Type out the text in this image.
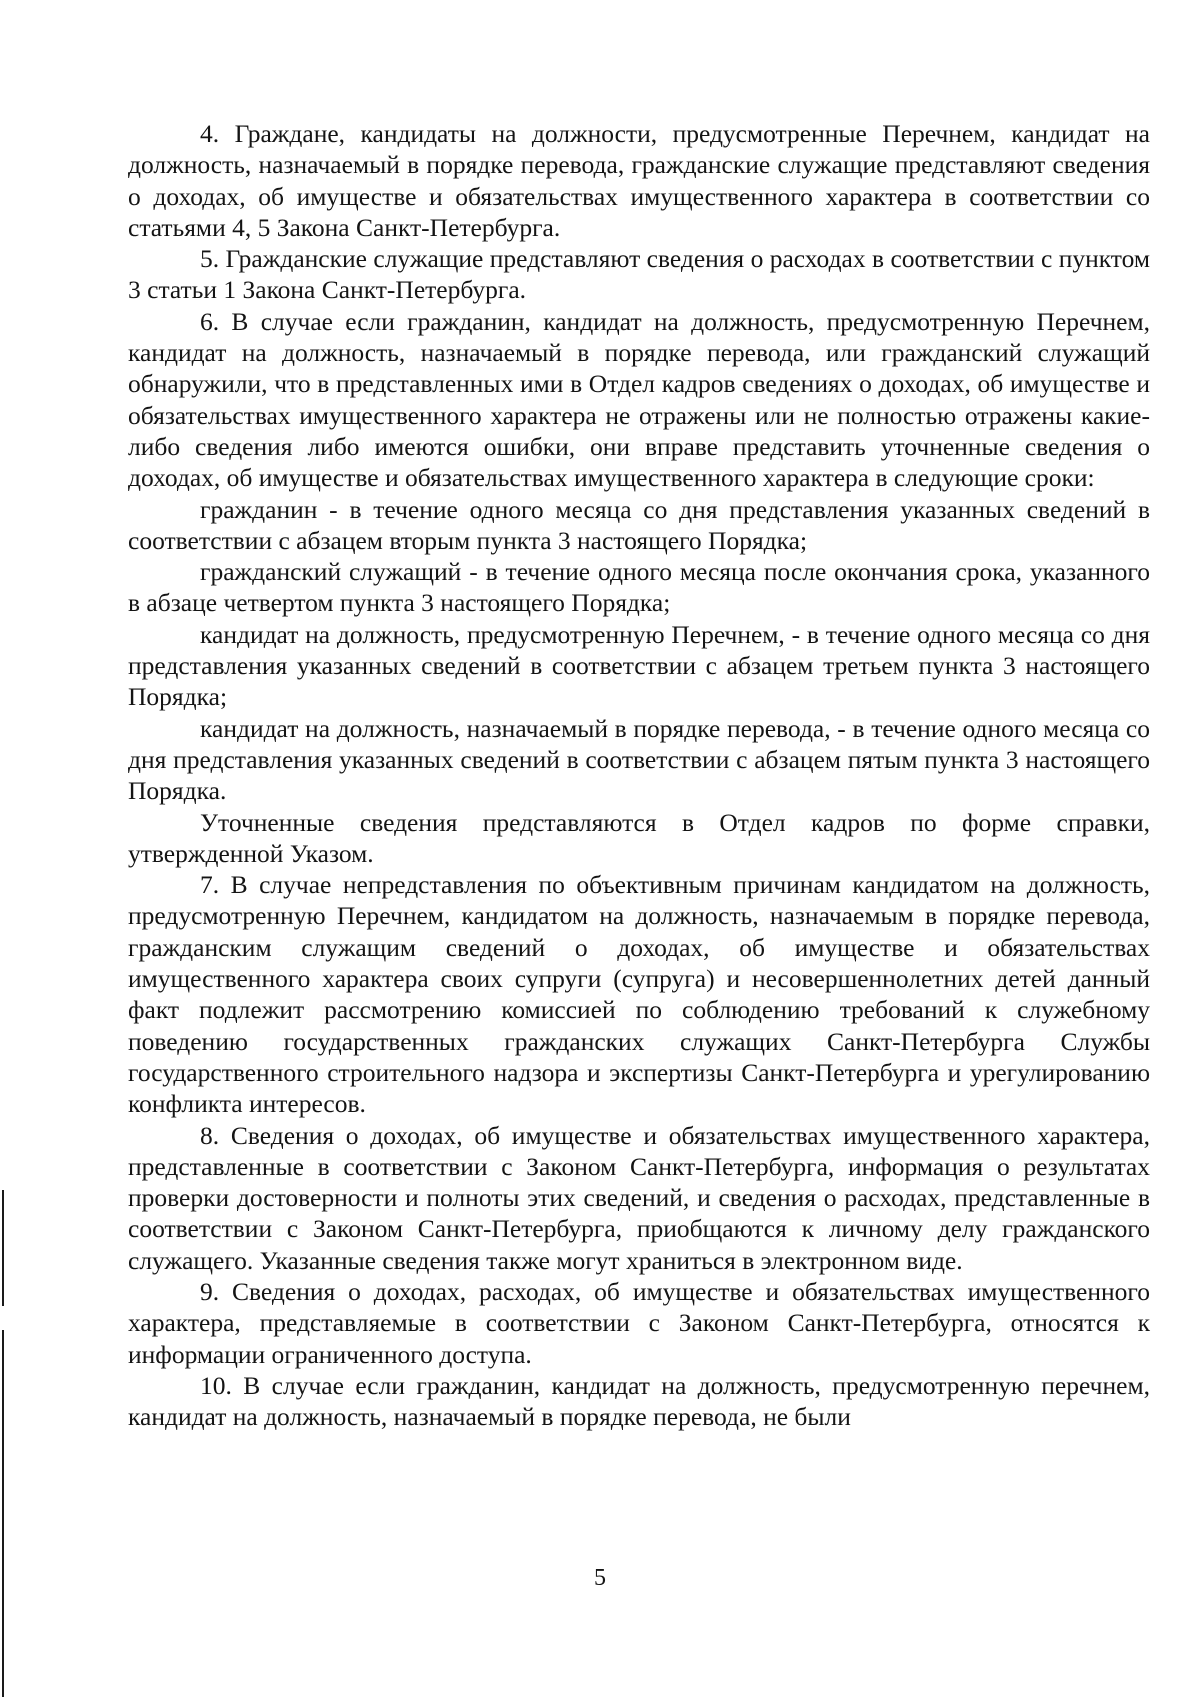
4. Граждане, кандидаты на должности, предусмотренные Перечнем, кандидат на должность, назначаемый в порядке перевода, гражданские служащие представляют сведения о доходах, об имуществе и обязательствах имущественного характера в соответствии со статьями 4, 5 Закона Санкт-Петербурга.

5. Гражданские служащие представляют сведения о расходах в соответствии с пунктом 3 статьи 1 Закона Санкт-Петербурга.

6. В случае если гражданин, кандидат на должность, предусмотренную Перечнем, кандидат на должность, назначаемый в порядке перевода, или гражданский служащий обнаружили, что в представленных ими в Отдел кадров сведениях о доходах, об имуществе и обязательствах имущественного характера не отражены или не полностью отражены какие-либо сведения либо имеются ошибки, они вправе представить уточненные сведения о доходах, об имуществе и обязательствах имущественного характера в следующие сроки:

гражданин - в течение одного месяца со дня представления указанных сведений в соответствии с абзацем вторым пункта 3 настоящего Порядка;

гражданский служащий - в течение одного месяца после окончания срока, указанного в абзаце четвертом пункта 3 настоящего Порядка;

кандидат на должность, предусмотренную Перечнем, - в течение одного месяца со дня представления указанных сведений в соответствии с абзацем третьем пункта 3 настоящего Порядка;

кандидат на должность, назначаемый в порядке перевода, - в течение одного месяца со дня представления указанных сведений в соответствии с абзацем пятым пункта 3 настоящего Порядка.

Уточненные сведения представляются в Отдел кадров по форме справки, утвержденной Указом.

7. В случае непредставления по объективным причинам кандидатом на должность, предусмотренную Перечнем, кандидатом на должность, назначаемым в порядке перевода, гражданским служащим сведений о доходах, об имуществе и обязательствах имущественного характера своих супруги (супруга) и несовершеннолетних детей данный факт подлежит рассмотрению комиссией по соблюдению требований к служебному поведению государственных гражданских служащих Санкт-Петербурга Службы государственного строительного надзора и экспертизы Санкт-Петербурга и урегулированию конфликта интересов.

8. Сведения о доходах, об имуществе и обязательствах имущественного характера, представленные в соответствии с Законом Санкт-Петербурга, информация о результатах проверки достоверности и полноты этих сведений, и сведения о расходах, представленные в соответствии с Законом Санкт-Петербурга, приобщаются к личному делу гражданского служащего. Указанные сведения также могут храниться в электронном виде.

9. Сведения о доходах, расходах, об имуществе и обязательствах имущественного характера, представляемые в соответствии с Законом Санкт-Петербурга, относятся к информации ограниченного доступа.

10. В случае если гражданин, кандидат на должность, предусмотренную перечнем, кандидат на должность, назначаемый в порядке перевода, не были

5
